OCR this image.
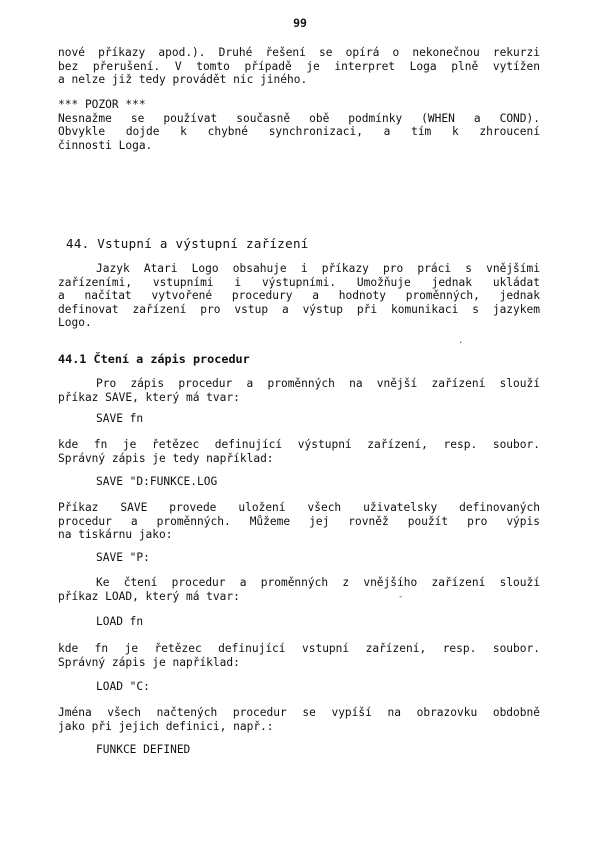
99
nové příkazy apod.). Druhé řešení se opírá o nekonečnou rekurzi
bez přerušení. V tomto případě je interpret Loga plně vytížen
a nelze již tedy provádět nic jiného.
*** POZOR ***
Nesnažme se používat současně obě podmínky (WHEN a COND).
Obvykle dojde k chybné synchronizaci, a tím k zhroucení
činnosti Loga.
44. Vstupní a výstupní zařízení
Jazyk Atari Logo obsahuje i příkazy pro práci s vnějšími
zařízeními, vstupními i výstupními. Umožňuje jednak ukládat
a načítat vytvořené procedury a hodnoty proměnných, jednak
definovat zařízení pro vstup a výstup při komunikaci s jazykem
Logo.
.
44.1 Čtení a zápis procedur
Pro zápis procedur a proměnných na vnější zařízení slouží
příkaz SAVE, který má tvar:
SAVE fn
kde fn je řetězec definující výstupní zařízení, resp. soubor.
Správný zápis je tedy například:
SAVE "D:FUNKCE.LOG
Příkaz SAVE provede uložení všech uživatelsky definovaných
procedur a proměnných. Můžeme jej rovněž použít pro výpis
na tiskárnu jako:
SAVE "P:
Ke čtení procedur a proměnných z vnějšího zařízení slouží
příkaz LOAD, který má tvar:	-
LOAD fn
kde fn je řetězec definující vstupní zařízení, resp. soubor.
Správný zápis je například:
LOAD "C:
Jména všech načtených procedur se vypíší na obrazovku obdobně
jako při jejich definici, např.:
FUNKCE DEFINED
